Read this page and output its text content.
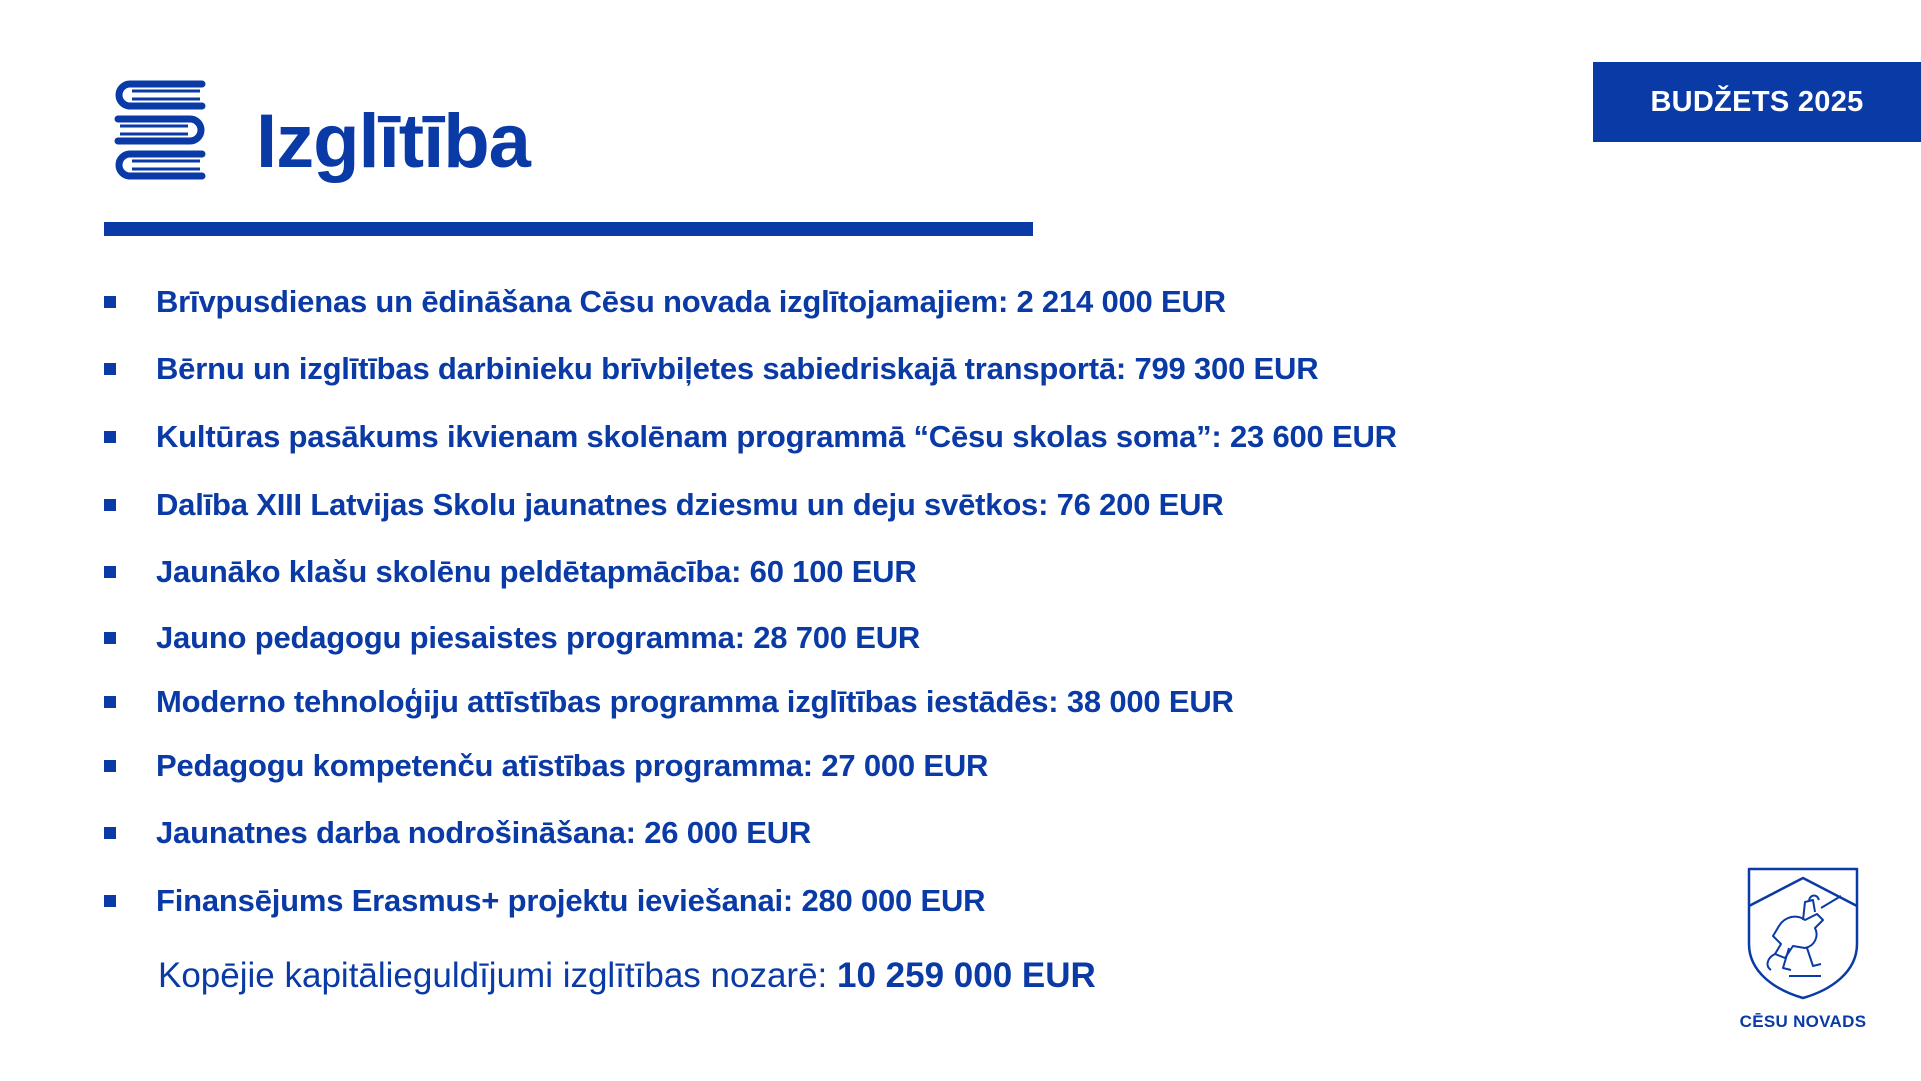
Izglītība	BUDŽETS 2025
Brīvpusdienas un ēdināšana Cēsu novada izglītojamajiem: 2 214 000 EUR
Bērnu un izglītības darbinieku brīvbiļetes sabiedriskajā transportā: 799 300 EUR
Kultūras pasākums ikvienam skolēnam programmā “Cēsu skolas soma”: 23 600 EUR
Dalība XIII Latvijas Skolu jaunatnes dziesmu un deju svētkos: 76 200 EUR
Jaunāko klašu skolēnu peldētapmācība: 60 100 EUR
Jauno pedagogu piesaistes programma: 28 700 EUR
Moderno tehnoloģiju attīstības programma izglītības iestādēs: 38 000 EUR
Pedagogu kompetenču atīstības programma: 27 000 EUR
Jaunatnes darba nodrošināšana: 26 000 EUR
Finansējums Erasmus+ projektu ieviešanai: 280 000 EUR
Kopējie kapitālieguldījumi izglītības nozarē: 10 259 000 EUR
CĒSU NOVADS
